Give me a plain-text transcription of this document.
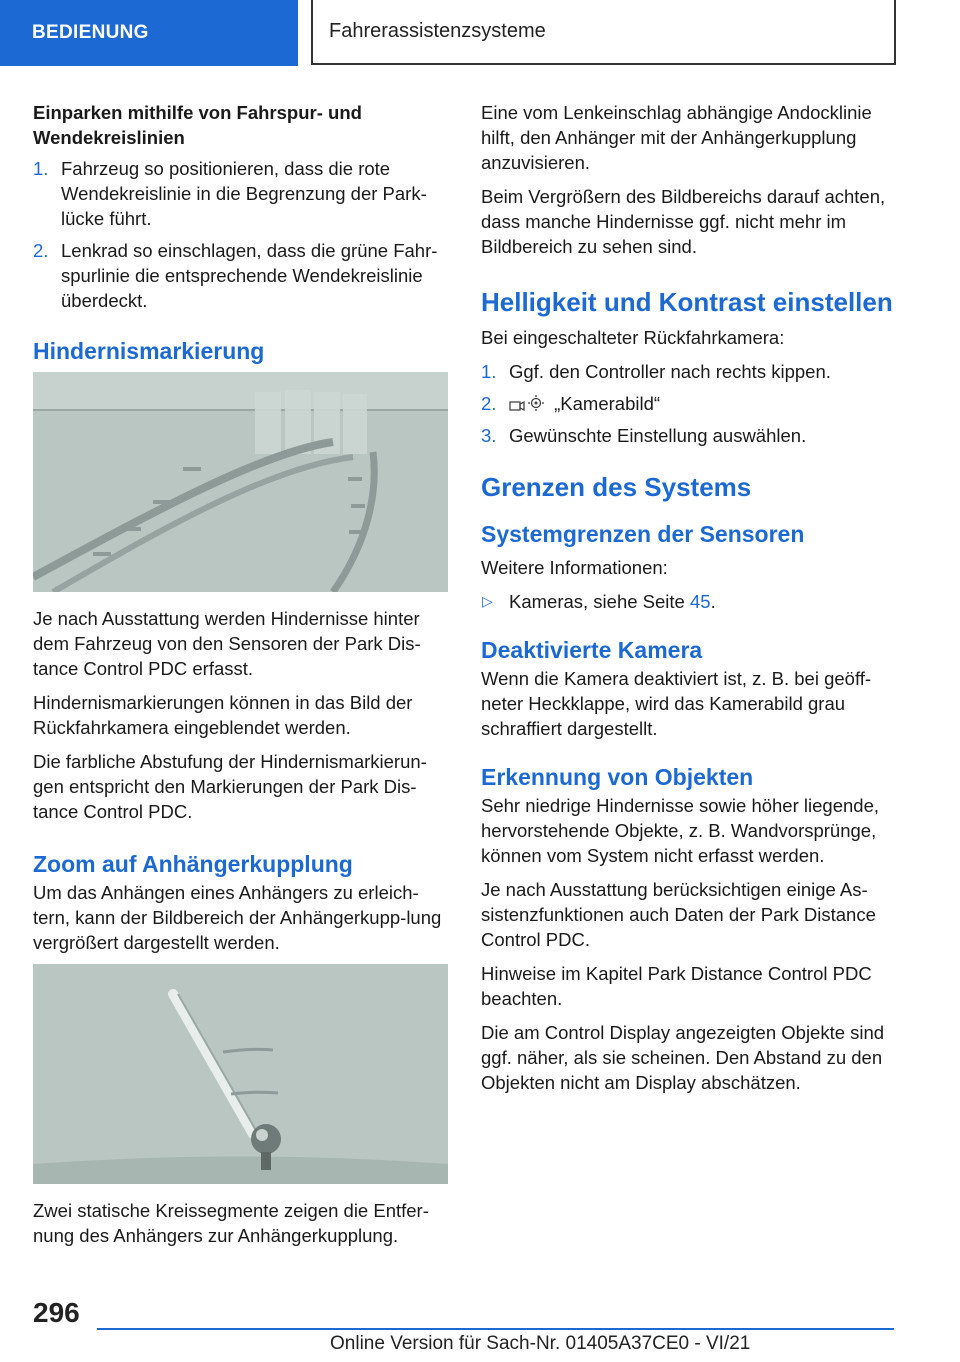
BEDIENUNG	Fahrerassistenzsysteme
Einparken mithilfe von Fahrspur- und Wendekreislinien
1. Fahrzeug so positionieren, dass die rote Wendekreislinie in die Begrenzung der Park‐lücke führt.
2. Lenkrad so einschlagen, dass die grüne Fahr‐spurlinie die entsprechende Wendekreislinie überdeckt.
Hindernismarkierung

Je nach Ausstattung werden Hindernisse hinter dem Fahrzeug von den Sensoren der Park Dis‐tance Control PDC erfasst.

Hindernismarkierungen können in das Bild der Rückfahrkamera eingeblendet werden.

Die farbliche Abstufung der Hindernismarkierun‐gen entspricht den Markierungen der Park Dis‐tance Control PDC.

Zoom auf Anhängerkupplung

Um das Anhängen eines Anhängers zu erleich‐tern, kann der Bildbereich der Anhängerkupp‐lung vergrößert dargestellt werden.

Zwei statische Kreissegmente zeigen die Entfer‐nung des Anhängers zur Anhängerkupplung.

Eine vom Lenkeinschlag abhängige Andocklinie hilft, den Anhänger mit der Anhängerkupplung anzuvisieren.

Beim Vergrößern des Bildbereichs darauf achten, dass manche Hindernisse ggf. nicht mehr im Bildbereich zu sehen sind.

Helligkeit und Kontrast einstellen

Bei eingeschalteter Rückfahrkamera:

1. Ggf. den Controller nach rechts kippen.
2.	„Kamerabild“
3. Gewünschte Einstellung auswählen.
Grenzen des Systems
Systemgrenzen der Sensoren

Weitere Informationen:

▷ Kameras, siehe Seite 45.
Deaktivierte Kamera

Wenn die Kamera deaktiviert ist, z. B. bei geöff‐neter Heckklappe, wird das Kamerabild grau schraffiert dargestellt.

Erkennung von Objekten

Sehr niedrige Hindernisse sowie höher liegende, hervorstehende Objekte, z. B. Wandvorsprünge, können vom System nicht erfasst werden.

Je nach Ausstattung berücksichtigen einige As‐sistenzfunktionen auch Daten der Park Distance Control PDC.

Hinweise im Kapitel Park Distance Control PDC beachten.

Die am Control Display angezeigten Objekte sind ggf. näher, als sie scheinen. Den Abstand zu den Objekten nicht am Display abschätzen.

296
Online Version für Sach-Nr. 01405A37CE0 - VI/21
